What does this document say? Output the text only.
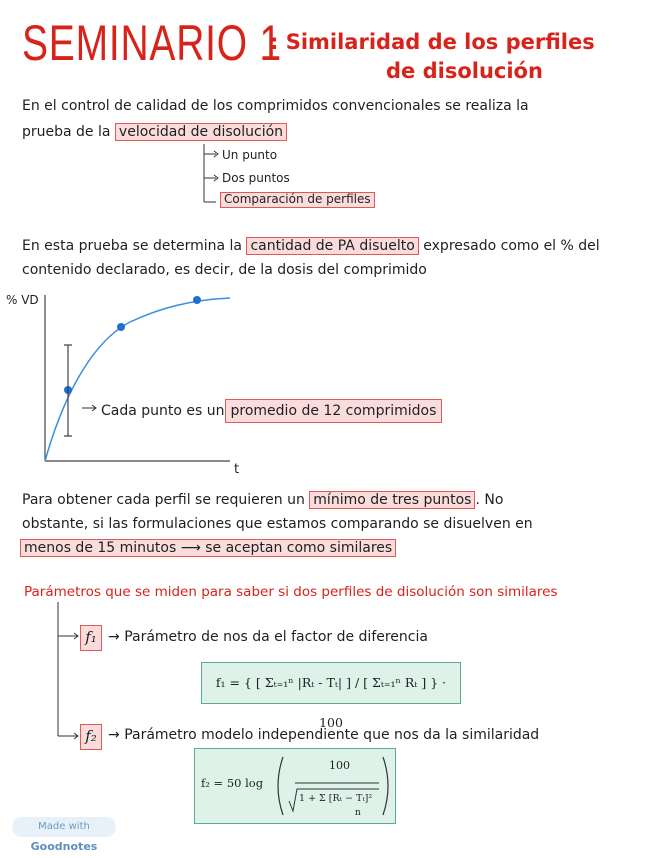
SEMINARIO 1
: Similaridad de los perfiles
de disolución
En el control de calidad de los comprimidos convencionales se realiza la
prueba de la velocidad de disolución
Un punto
Dos puntos
Comparación de perfiles
En esta prueba se determina la cantidad de PA disuelto expresado como el % del
contenido declarado, es decir, de la dosis del comprimido
% VD
t
Cada punto es un promedio de 12 comprimidos
Para obtener cada perfil se requieren un mínimo de tres puntos . No
obstante, si las formulaciones que estamos comparando se disuelven en
menos de 15 minutos ⟶ se aceptan como similares
Parámetros que se miden para saber si dos perfiles de disolución son similares
f₁ → Parámetro de nos da el factor de diferencia
f₁ = { [ Σₜ₌₁ⁿ |Rₜ - Tₜ| ] / [ Σₜ₌₁ⁿ Rₜ ] } · 100
f₂ → Parámetro modelo independiente que nos da la similaridad
f₂ = 50 log
100
1 + Σ [Rₜ − Tₜ]²
n
Made with Goodnotes
